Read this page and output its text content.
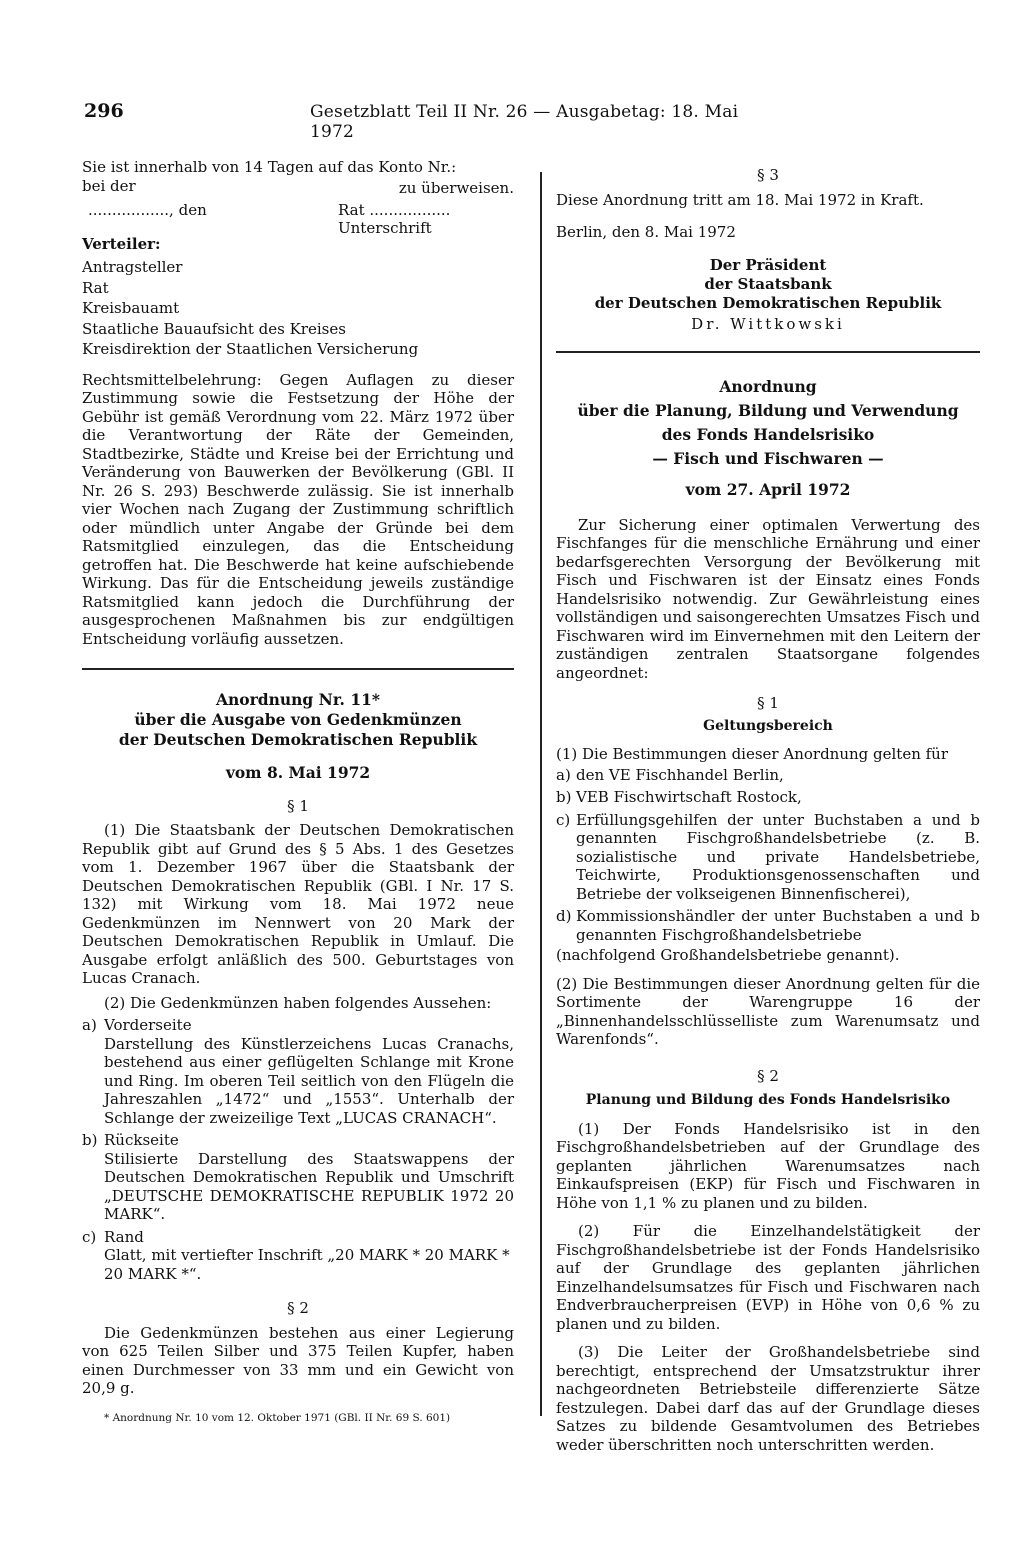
296	Gesetzblatt Teil II Nr. 26 — Ausgabetag: 18. Mai 1972

Sie ist innerhalb von 14 Tagen auf das Konto Nr.:

bei der	zu überweisen.
................., den	Rat .................
Unterschrift

Verteiler:

Antragsteller

Rat

Kreisbauamt

Staatliche Bauaufsicht des Kreises

Kreisdirektion der Staatlichen Versicherung

Rechtsmittelbelehrung: Gegen Auflagen zu dieser Zustimmung sowie die Festsetzung der Höhe der Gebühr ist gemäß Verordnung vom 22. März 1972 über die Verantwortung der Räte der Gemeinden, Stadtbezirke, Städte und Kreise bei der Errichtung und Veränderung von Bauwerken der Bevölkerung (GBl. II Nr. 26 S. 293) Beschwerde zulässig. Sie ist innerhalb vier Wochen nach Zugang der Zustimmung schriftlich oder mündlich unter Angabe der Gründe bei dem Ratsmitglied einzulegen, das die Entscheidung getroffen hat. Die Beschwerde hat keine aufschiebende Wirkung. Das für die Entscheidung jeweils zuständige Ratsmitglied kann jedoch die Durchführung der ausgesprochenen Maßnahmen bis zur endgültigen Entscheidung vorläufig aussetzen.

Anordnung Nr. 11*

über die Ausgabe von Gedenkmünzen

der Deutschen Demokratischen Republik

vom 8. Mai 1972

§ 1

(1) Die Staatsbank der Deutschen Demokratischen Republik gibt auf Grund des § 5 Abs. 1 des Gesetzes vom 1. Dezember 1967 über die Staatsbank der Deutschen Demokratischen Republik (GBl. I Nr. 17 S. 132) mit Wirkung vom 18. Mai 1972 neue Gedenkmünzen im Nennwert von 20 Mark der Deutschen Demokratischen Republik in Umlauf. Die Ausgabe erfolgt anläßlich des 500. Geburtstages von Lucas Cranach.

(2) Die Gedenkmünzen haben folgendes Aussehen:

a) Vorderseite

Darstellung des Künstlerzeichens Lucas Cranachs, bestehend aus einer geflügelten Schlange mit Krone und Ring. Im oberen Teil seitlich von den Flügeln die Jahreszahlen „1472“ und „1553“. Unterhalb der Schlange der zweizeilige Text „LUCAS CRANACH“.

b) Rückseite

Stilisierte Darstellung des Staatswappens der Deutschen Demokratischen Republik und Umschrift „DEUTSCHE DEMOKRATISCHE REPUBLIK 1972 20 MARK“.

c) Rand

Glatt, mit vertiefter Inschrift „20 MARK * 20 MARK * 20 MARK *“.

§ 2

Die Gedenkmünzen bestehen aus einer Legierung von 625 Teilen Silber und 375 Teilen Kupfer, haben einen Durchmesser von 33 mm und ein Gewicht von 20,9 g.

* Anordnung Nr. 10 vom 12. Oktober 1971 (GBl. II Nr. 69 S. 601)

§ 3

Diese Anordnung tritt am 18. Mai 1972 in Kraft.

Berlin, den 8. Mai 1972

Der Präsident

der Staatsbank

der Deutschen Demokratischen Republik

Dr. Wittkowski

Anordnung

über die Planung, Bildung und Verwendung

des Fonds Handelsrisiko

— Fisch und Fischwaren —

vom 27. April 1972

Zur Sicherung einer optimalen Verwertung des Fischfanges für die menschliche Ernährung und einer bedarfsgerechten Versorgung der Bevölkerung mit Fisch und Fischwaren ist der Einsatz eines Fonds Handelsrisiko notwendig. Zur Gewährleistung eines vollständigen und saisongerechten Umsatzes Fisch und Fischwaren wird im Einvernehmen mit den Leitern der zuständigen zentralen Staatsorgane folgendes angeordnet:

§ 1

Geltungsbereich

(1) Die Bestimmungen dieser Anordnung gelten für

a) den VE Fischhandel Berlin,

b) VEB Fischwirtschaft Rostock,

c) Erfüllungsgehilfen der unter Buchstaben a und b genannten Fischgroßhandelsbetriebe (z. B. sozialistische und private Handelsbetriebe, Teichwirte, Produktionsgenossenschaften und Betriebe der volkseigenen Binnenfischerei),

d) Kommissionshändler der unter Buchstaben a und b genannten Fischgroßhandelsbetriebe

(nachfolgend Großhandelsbetriebe genannt).

(2) Die Bestimmungen dieser Anordnung gelten für die Sortimente der Warengruppe 16 der „Binnenhandelsschlüsselliste zum Warenumsatz und Warenfonds“.

§ 2

Planung und Bildung des Fonds Handelsrisiko

(1) Der Fonds Handelsrisiko ist in den Fischgroßhandelsbetrieben auf der Grundlage des geplanten jährlichen Warenumsatzes nach Einkaufspreisen (EKP) für Fisch und Fischwaren in Höhe von 1,1 % zu planen und zu bilden.

(2) Für die Einzelhandelstätigkeit der Fischgroßhandelsbetriebe ist der Fonds Handelsrisiko auf der Grundlage des geplanten jährlichen Einzelhandelsumsatzes für Fisch und Fischwaren nach Endverbraucherpreisen (EVP) in Höhe von 0,6 % zu planen und zu bilden.

(3) Die Leiter der Großhandelsbetriebe sind berechtigt, entsprechend der Umsatzstruktur ihrer nachgeordneten Betriebsteile differenzierte Sätze festzulegen. Dabei darf das auf der Grundlage dieses Satzes zu bildende Gesamtvolumen des Betriebes weder überschritten noch unterschritten werden.
